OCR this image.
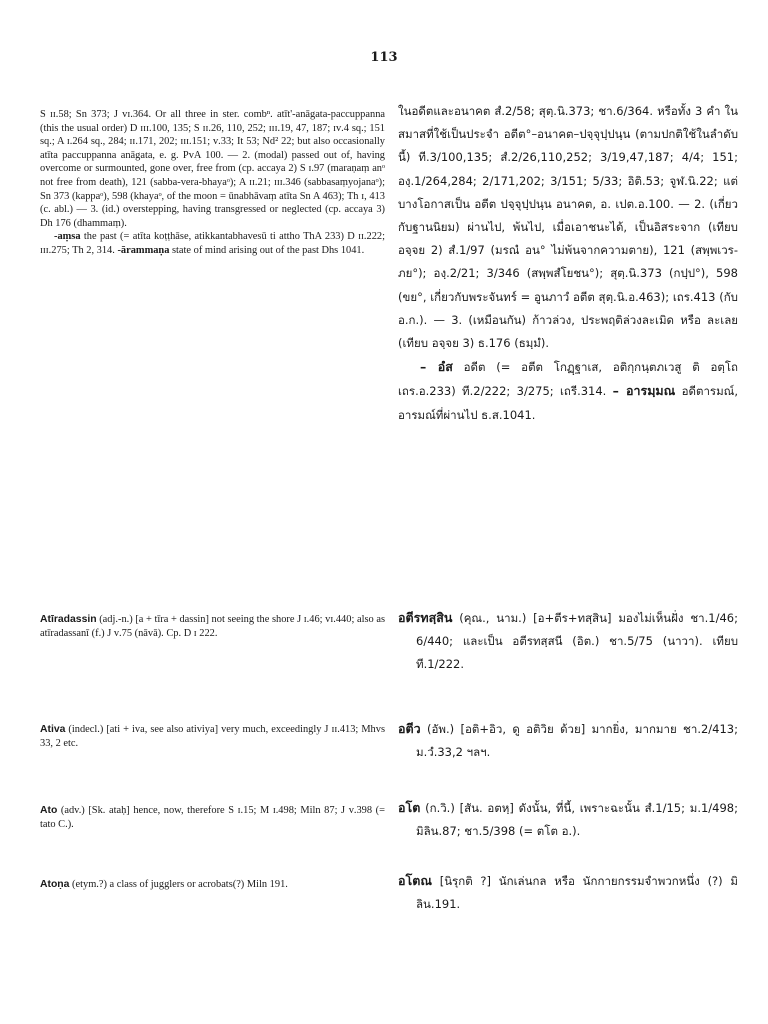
113

S ɪɪ.58; Sn 373; J ᴠɪ.364. Or all three in ster. combⁿ. atīt'-anāgata-paccuppanna (this the usual order) D ɪɪɪ.100, 135; S ɪɪ.26, 110, 252; ɪɪɪ.19, 47, 187; ɪᴠ.4 sq.; 151 sq.; A ɪ.264 sq., 284; ɪɪ.171, 202; ɪɪɪ.151; ᴠ.33; It 53; Nd² 22; but also occasionally atīta paccuppanna anāgata, e. g. PvA 100. — 2. (modal) passed out of, having overcome or surmounted, gone over, free from (cp. accaya 2) S ɪ.97 (maraṇaṃ anᵒ not free from death), 121 (sabba-vera-bhayaᵒ); A ɪɪ.21; ɪɪɪ.346 (sabbasaṃyojanaᵒ); Sn 373 (kappaᵒ), 598 (khayaᵒ, of the moon = ūnabhāvaṃ atīta Sn A 463); Th ɪ, 413 (c. abl.) — 3. (id.) overstepping, having transgressed or neglected (cp. accaya 3) Dh 176 (dhammaṃ).

-aṃsa the past (= atīta koṭṭhāse, atikkantabhavesū ti attho ThA 233) D ɪɪ.222; ɪɪɪ.275; Th 2, 314. -ārammaṇa state of mind arising out of the past Dhs 1041.

ในอดีตและอนาคต สํ.2/58; สุตฺ.นิ.373; ชา.6/364. หรือทั้ง 3 คำ ในสมาสที่ใช้เป็นประจำ อตีต°–อนาคต–ปจฺจุปฺปนฺน (ตามปกติใช้ในลำดับนี้) ที.3/100,135; สํ.2/26,110,252; 3/19,47,187; 4/4; 151; องฺ.1/264,284; 2/171,202; 3/151; 5/33; อิติ.53; จูฬ.นิ.22; แต่บางโอกาสเป็น อตีต ปจฺจุปฺปนฺน อนาคต, อ. เปต.อ.100. — 2. (เกี่ยวกับฐานนิยม) ผ่านไป, พ้นไป, เมื่อเอาชนะได้, เป็นอิสระจาก (เทียบ อจฺจย 2) สํ.1/97 (มรณํ อน° ไม่พ้นจากความตาย), 121 (สพฺพเวร-ภย°); องฺ.2/21; 3/346 (สพฺพสํโยชน°); สุตฺ.นิ.373 (กปฺป°), 598 (ขย°, เกี่ยวกับพระจันทร์ = อูนภาวํ อตีต สุตฺ.นิ.อ.463); เถร.413 (กับ อ.ก.). — 3. (เหมือนกัน) ก้าวล่วง, ประพฤติล่วงละเมิด หรือ ละเลย (เทียบ อจฺจย 3) ธ.176 (ธมฺมํ).

– อํส อดีต (= อตีต โกฏฺฐาเส, อติกฺกนฺตภเวสู ติ อตฺโถ เถร.อ.233) ที.2/222; 3/275; เถรี.314. – อารมฺมณ อดีตารมณ์, อารมณ์ที่ผ่านไป ธ.ส.1041.

Atīradassin (adj.-n.) [a + tīra + dassin] not seeing the shore J ɪ.46; ᴠɪ.440; also as atīradassanī (f.) J ᴠ.75 (nāvā). Cp. D ɪ 222.

อตีรทสฺสิน (คุณ., นาม.) [อ+ตีร+ทสฺสิน] มองไม่เห็นฝั่ง ชา.1/46; 6/440; และเป็น อตีรทสฺสนี (อิต.) ชา.5/75 (นาวา). เทียบ ที.1/222.

Ativa (indecl.) [ati + iva, see also ativiya] very much, exceedingly J ɪɪ.413; Mhvs 33, 2 etc.

อตีว (อัพ.) [อติ+อิว, ดู อติวิย ด้วย] มากยิ่ง, มากมาย ชา.2/413; ม.วํ.33,2 ฯลฯ.

Ato (adv.) [Sk. ataḥ] hence, now, therefore S ɪ.15; M ɪ.498; Miln 87; J ᴠ.398 (= tato C.).

อโต (ก.วิ.) [สัน. อตหฺ] ดังนั้น, ที่นี้, เพราะฉะนั้น สํ.1/15; ม.1/498; มิลิน.87; ชา.5/398 (= ตโต อ.).

Atoṇa (etym.?) a class of jugglers or acrobats(?) Miln 191.	อโตณ [นิรุกติ ?] นักเล่นกล หรือ นักกายกรรมจำพวกหนึ่ง (?) มิลิน.191.
